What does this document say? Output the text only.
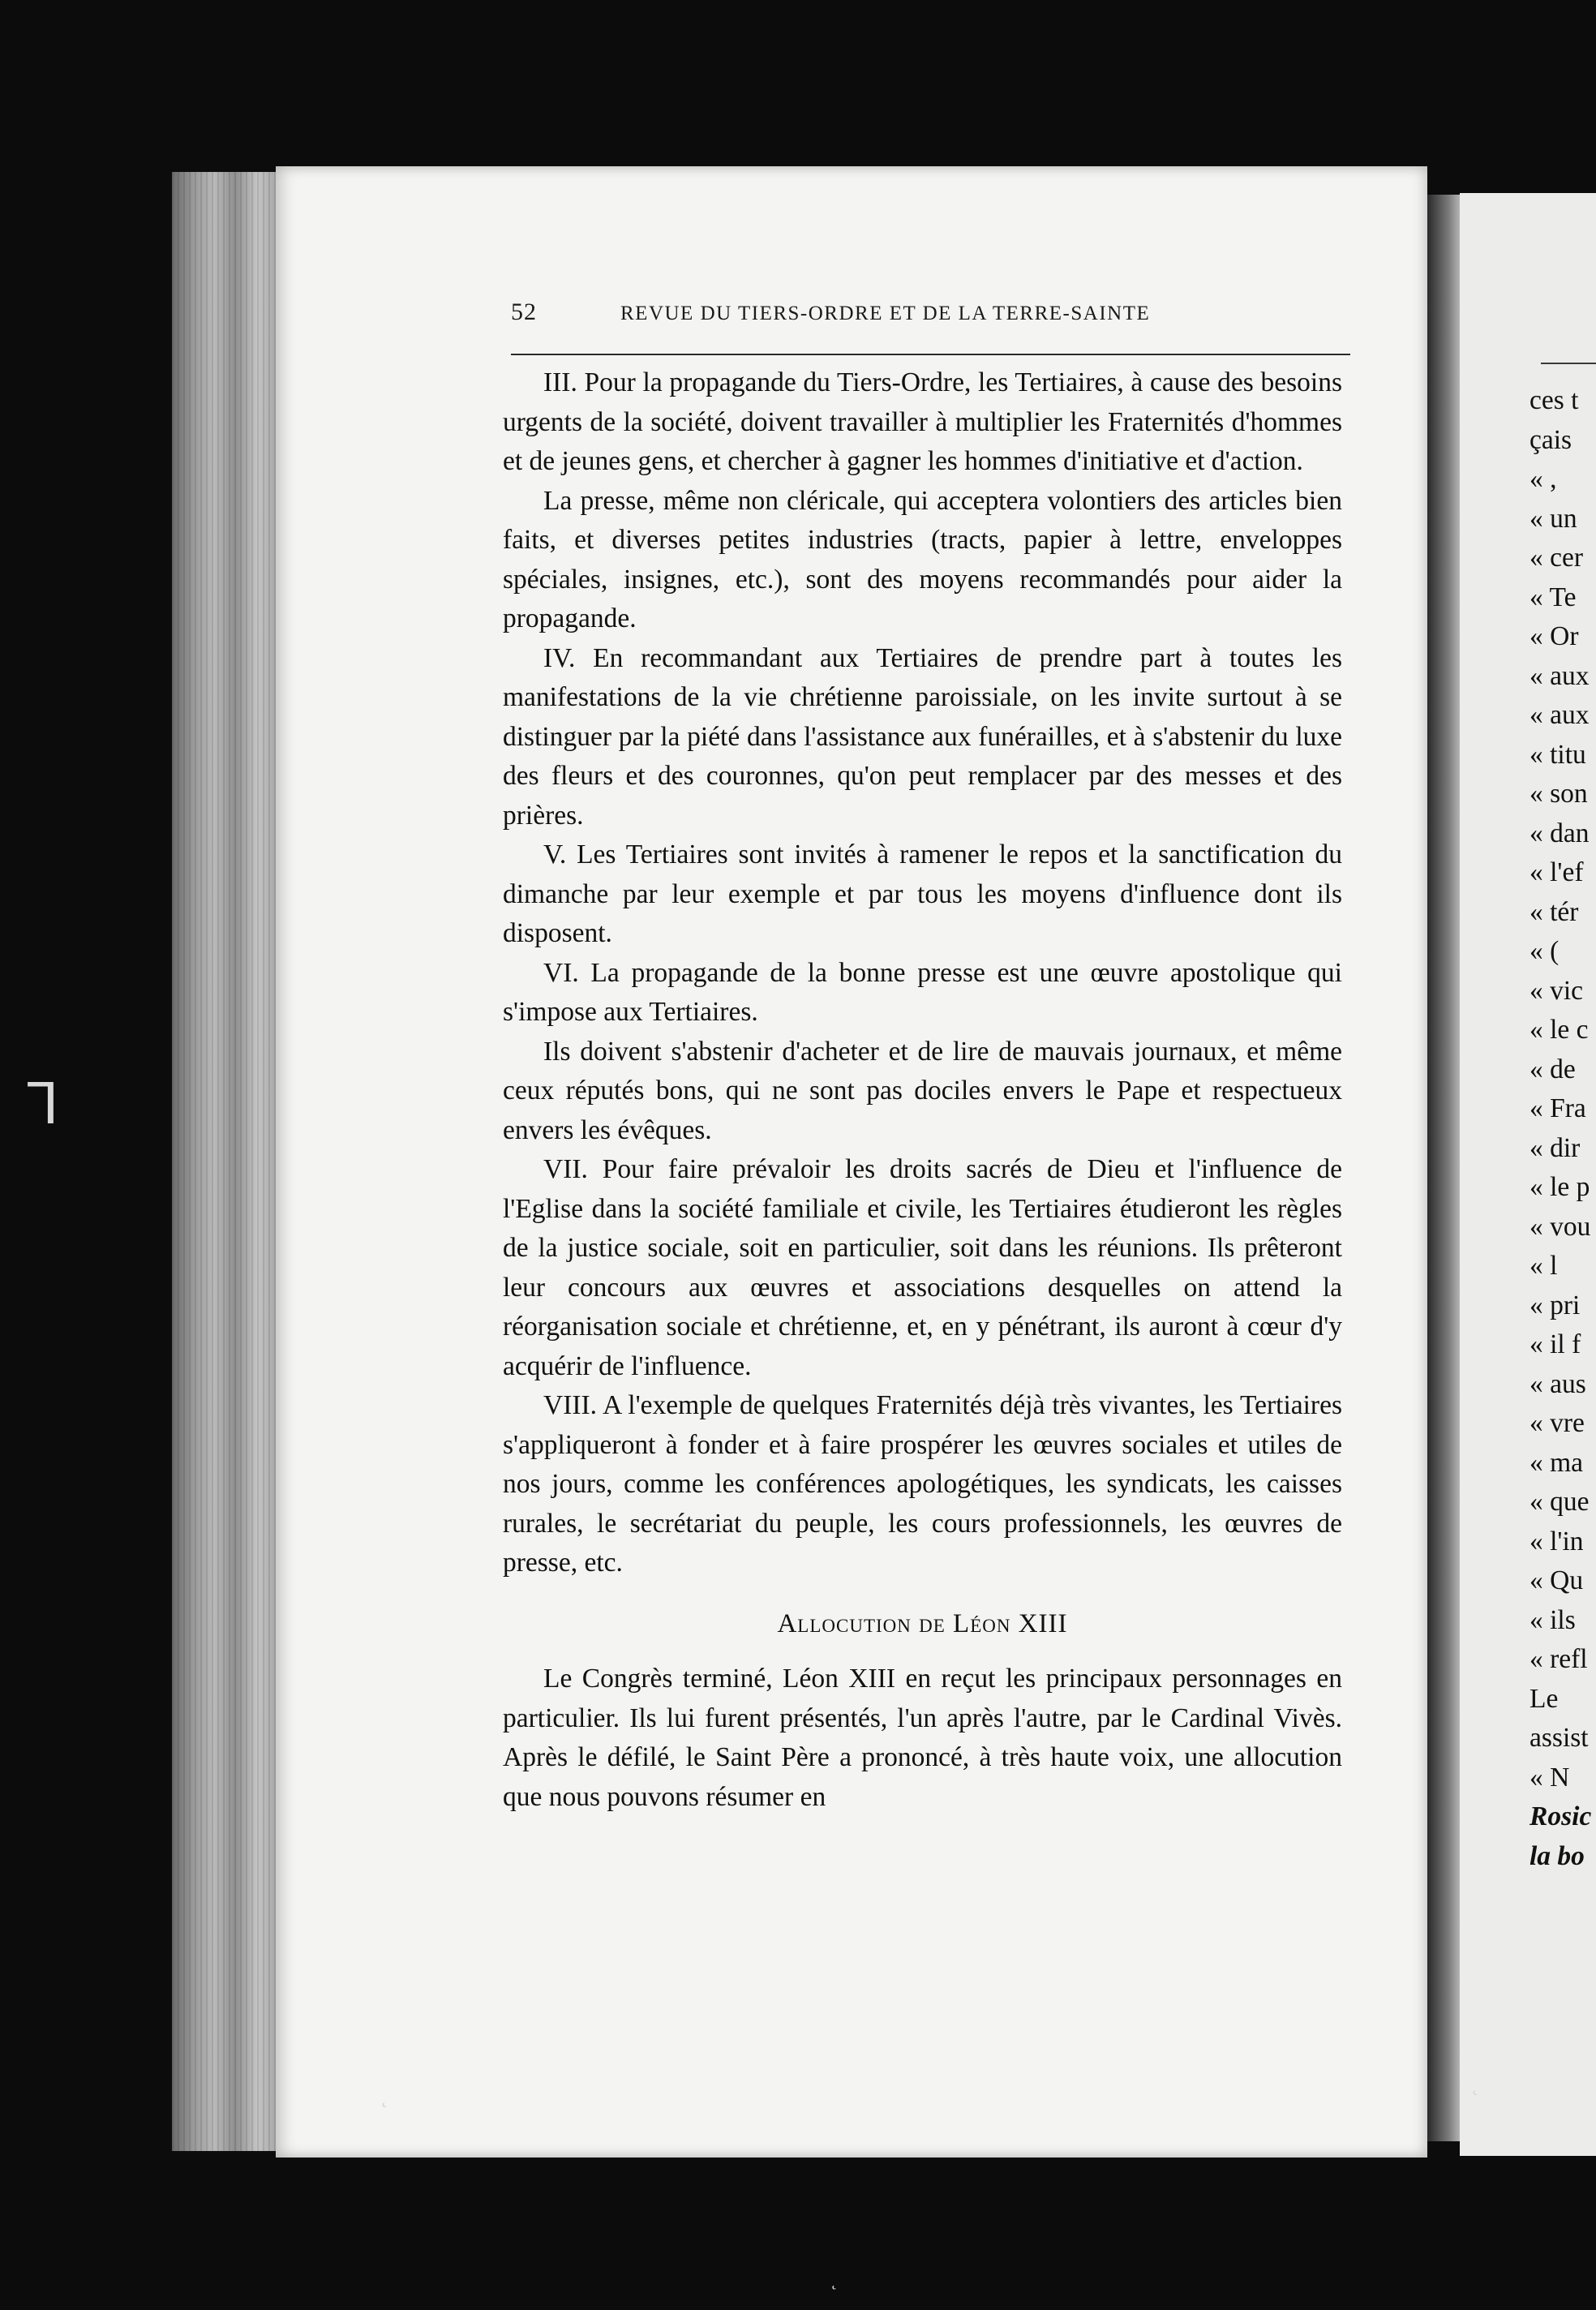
ᒣ
˛
˛
˛
52	REVUE DU TIERS-ORDRE ET DE LA TERRE-SAINTE

III. Pour la propagande du Tiers-Ordre, les Tertiaires, à cause des besoins urgents de la société, doivent travailler à multiplier les Fraternités d'hommes et de jeunes gens, et chercher à gagner les hommes d'initiative et d'action.

La presse, même non cléricale, qui acceptera volontiers des articles bien faits, et diverses petites industries (tracts, papier à lettre, enveloppes spéciales, insignes, etc.), sont des moyens recommandés pour aider la propagande.

IV. En recommandant aux Tertiaires de prendre part à toutes les manifestations de la vie chrétienne paroissiale, on les invite surtout à se distinguer par la piété dans l'assistance aux funérailles, et à s'abstenir du luxe des fleurs et des couronnes, qu'on peut remplacer par des messes et des prières.

V. Les Tertiaires sont invités à ramener le repos et la sanctification du dimanche par leur exemple et par tous les moyens d'influence dont ils disposent.

VI. La propagande de la bonne presse est une œuvre apostolique qui s'impose aux Tertiaires.

Ils doivent s'abstenir d'acheter et de lire de mauvais journaux, et même ceux réputés bons, qui ne sont pas dociles envers le Pape et respectueux envers les évêques.

VII. Pour faire prévaloir les droits sacrés de Dieu et l'influence de l'Eglise dans la société familiale et civile, les Tertiaires étudieront les règles de la justice sociale, soit en particulier, soit dans les réunions. Ils prêteront leur concours aux œuvres et associations desquelles on attend la réorganisation sociale et chrétienne, et, en y pénétrant, ils auront à cœur d'y acquérir de l'influence.

VIII. A l'exemple de quelques Fraternités déjà très vivantes, les Tertiaires s'appliqueront à fonder et à faire prospérer les œuvres sociales et utiles de nos jours, comme les conférences apologétiques, les syndicats, les caisses rurales, le secrétariat du peuple, les cours professionnels, les œuvres de presse, etc.

Allocution de Léon XIII

Le Congrès terminé, Léon XIII en reçut les principaux personnages en particulier. Ils lui furent présentés, l'un après l'autre, par le Cardinal Vivès. Après le défilé, le Saint Père a prononcé, à très haute voix, une allocution que nous pouvons résumer en

ces t
çais
« ,
« un
« cer
« Te
« Or
« aux
« aux
« titu
« son
« dan
« l'ef
« tér
« (
« vic
« le c
« de
« Fra
« dir
« le p
« vou
« l
« pri
« il f
« aus
« vre
« ma
« que
« l'in
« Qu
« ils
« refl
Le
assist
« N
Rosic
la bo
